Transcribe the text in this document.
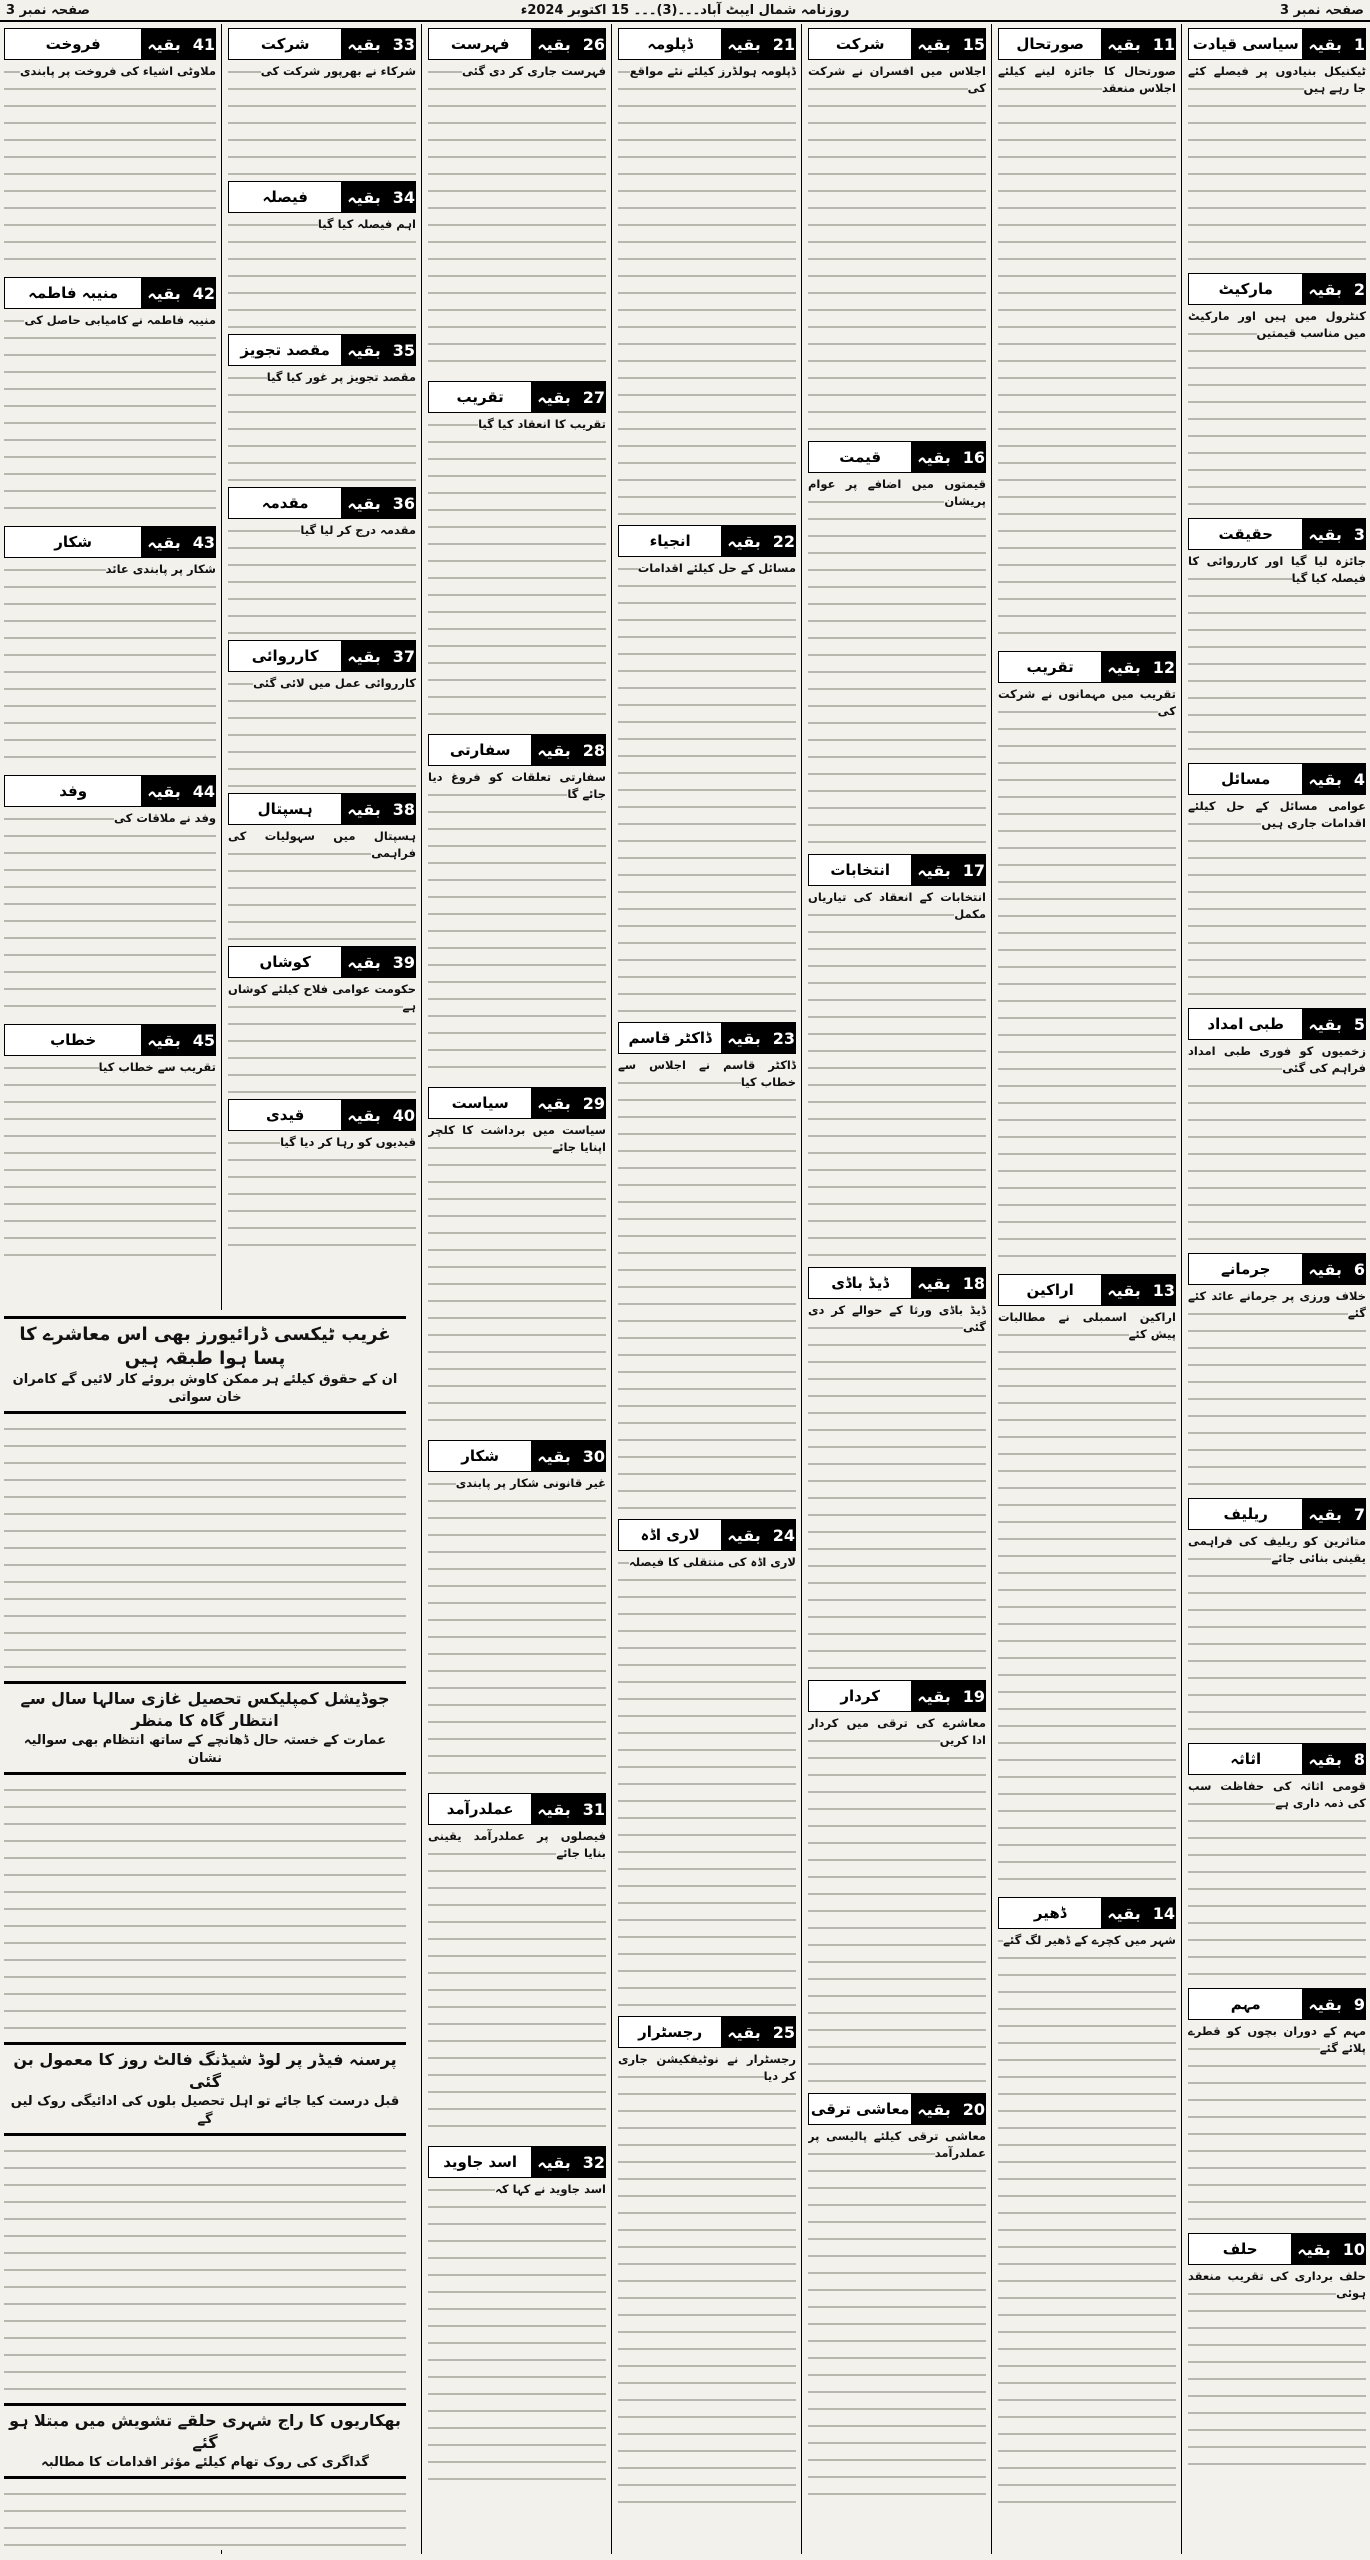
صفحہ نمبر 3
روزنامہ شمال ایبٹ آباد۔۔۔(3)۔۔۔ 15 اکتوبر 2024ء
صفحہ نمبر 3
1
بقیہ
سیاسی قیادت

ٹیکنیکل بنیادوں پر فیصلے کئے جا رہے ہیں

2
بقیہ
مارکیٹ

کنٹرول میں ہیں اور مارکیٹ میں مناسب قیمتیں

3
بقیہ
حقیقت

جائزہ لیا گیا اور کارروائی کا فیصلہ کیا گیا

4
بقیہ
مسائل

عوامی مسائل کے حل کیلئے اقدامات جاری ہیں

5
بقیہ
طبی امداد

زخمیوں کو فوری طبی امداد فراہم کی گئی

6
بقیہ
جرمانے

خلاف ورزی پر جرمانے عائد کئے گئے

7
بقیہ
ریلیف

متاثرین کو ریلیف کی فراہمی یقینی بنائی جائے

8
بقیہ
اثاثہ

قومی اثاثہ کی حفاظت سب کی ذمہ داری ہے

9
بقیہ
مہم

مہم کے دوران بچوں کو قطرے پلائے گئے

10
بقیہ
حلف

حلف برداری کی تقریب منعقد ہوئی

11
بقیہ
صورتحال

صورتحال کا جائزہ لینے کیلئے اجلاس منعقد

12
بقیہ
تقریب

تقریب میں مہمانوں نے شرکت کی

13
بقیہ
اراکین

اراکین اسمبلی نے مطالبات پیش کئے

14
بقیہ
ڈھیر

شہر میں کچرے کے ڈھیر لگ گئے

15
بقیہ
شرکت

اجلاس میں افسران نے شرکت کی

16
بقیہ
قیمت

قیمتوں میں اضافے پر عوام پریشان

17
بقیہ
انتخابات

انتخابات کے انعقاد کی تیاریاں مکمل

18
بقیہ
ڈیڈ باڈی

ڈیڈ باڈی ورثا کے حوالے کر دی گئی

19
بقیہ
کردار

معاشرے کی ترقی میں کردار ادا کریں

20
بقیہ
معاشی ترقی

معاشی ترقی کیلئے پالیسی پر عملدرآمد

21
بقیہ
ڈپلومہ

ڈپلومہ ہولڈرز کیلئے نئے مواقع

22
بقیہ
انجیاء

مسائل کے حل کیلئے اقدامات

23
بقیہ
ڈاکٹر قاسم

ڈاکٹر قاسم نے اجلاس سے خطاب کیا

24
بقیہ
لاری اڈہ

لاری اڈہ کی منتقلی کا فیصلہ

25
بقیہ
رجسٹرار

رجسٹرار نے نوٹیفکیشن جاری کر دیا

26
بقیہ
فہرست

فہرست جاری کر دی گئی

27
بقیہ
تقریب

تقریب کا انعقاد کیا گیا

28
بقیہ
سفارتی

سفارتی تعلقات کو فروغ دیا جائے گا

29
بقیہ
سیاست

سیاست میں برداشت کا کلچر اپنایا جائے

30
بقیہ
شکار

غیر قانونی شکار پر پابندی

31
بقیہ
عملدرآمد

فیصلوں پر عملدرآمد یقینی بنایا جائے

32
بقیہ
اسد جاوید

اسد جاوید نے کہا کہ

33
بقیہ
شرکت

شرکاء نے بھرپور شرکت کی

34
بقیہ
فیصلہ

اہم فیصلہ کیا گیا

35
بقیہ
مقصد تجویز

مقصد تجویز پر غور کیا گیا

36
بقیہ
مقدمہ

مقدمہ درج کر لیا گیا

37
بقیہ
کارروائی

کارروائی عمل میں لائی گئی

38
بقیہ
ہسپتال

ہسپتال میں سہولیات کی فراہمی

39
بقیہ
کوشاں

حکومت عوامی فلاح کیلئے کوشاں ہے

40
بقیہ
قیدی

قیدیوں کو رہا کر دیا گیا

41
بقیہ
فروخت

ملاوٹی اشیاء کی فروخت پر پابندی

42
بقیہ
منیبہ فاطمہ

منیبہ فاطمہ نے کامیابی حاصل کی

43
بقیہ
شکار

شکار پر پابندی عائد

44
بقیہ
وفد

وفد نے ملاقات کی

45
بقیہ
خطاب

تقریب سے خطاب کیا

غریب ٹیکسی ڈرائیورز بھی اس معاشرے کا پسا ہوا طبقہ ہیں
ان کے حقوق کیلئے ہر ممکن کاوش بروئے کار لائیں گے کامران خان سواتی

جوڈیشل کمپلیکس تحصیل غازی سالہا سال سے انتظار گاہ کا منظر
عمارت کے خستہ حال ڈھانچے کے ساتھ انتظام بھی سوالیہ نشان

پرسنہ فیڈر پر لوڈ شیڈنگ فالٹ روز کا معمول بن گئی
قبل درست کیا جائے تو اہل تحصیل بلوں کی ادائیگی روک لیں گے

بھکاریوں کا راج شہری حلقے تشویش میں مبتلا ہو گئے
گداگری کی روک تھام کیلئے مؤثر اقدامات کا مطالبہ
